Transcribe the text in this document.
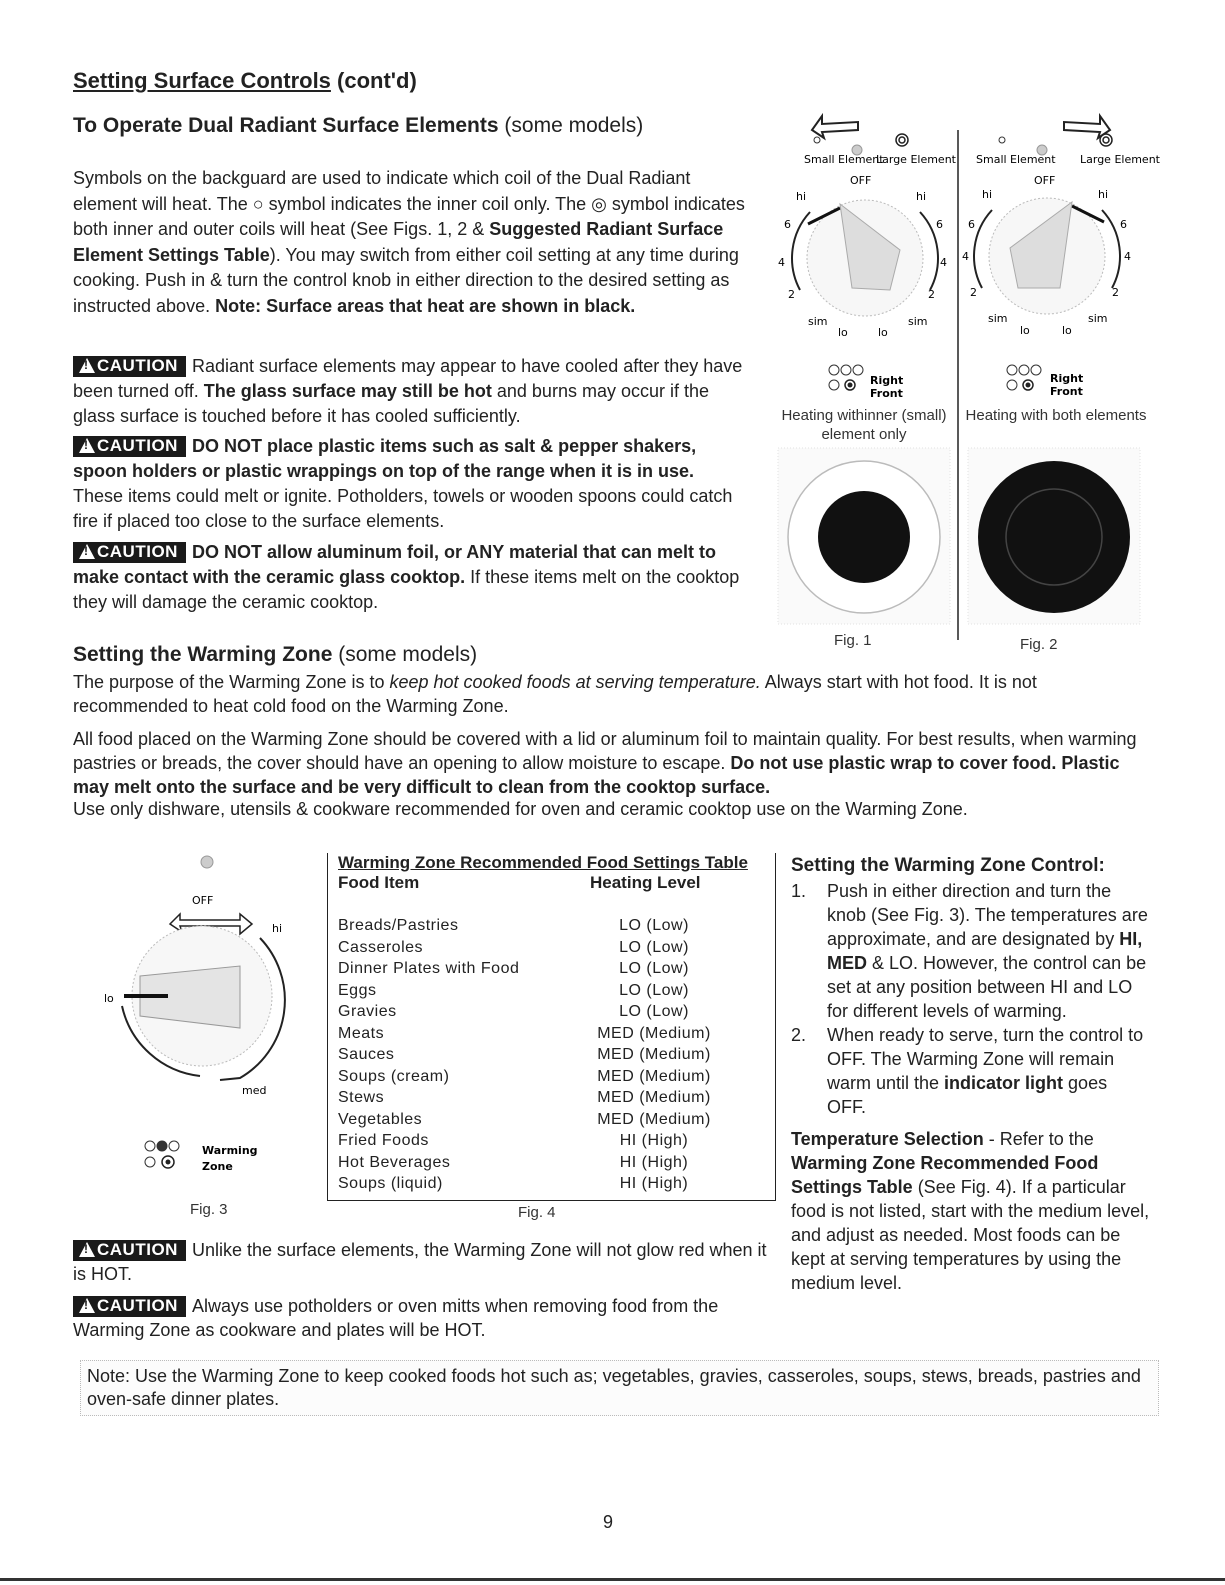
Setting Surface Controls (cont'd)
To Operate Dual Radiant Surface Elements (some models)

Symbols on the backguard are used to indicate which coil of the Dual Radiant element will heat. The ○ symbol indicates the inner coil only. The ◎ symbol indicates both inner and outer coils will heat (See Figs. 1, 2 & Suggested Radiant Surface Element Settings Table). You may switch from either coil setting at any time during cooking. Push in & turn the control knob in either direction to the desired setting as instructed above. Note: Surface areas that heat are shown in black.

!CAUTION Radiant surface elements may appear to have cooled after they have been turned off. The glass surface may still be hot and burns may occur if the glass surface is touched before it has cooled sufficiently.

!CAUTION DO NOT place plastic items such as salt & pepper shakers, spoon holders or plastic wrappings on top of the range when it is in use. These items could melt or ignite. Potholders, towels or wooden spoons could catch fire if placed too close to the surface elements.

!CAUTION DO NOT allow aluminum foil, or ANY material that can melt to make contact with the ceramic glass cooktop. If these items melt on the cooktop they will damage the ceramic cooktop.

Small Element
Large Element
OFF
hi	hi
6	6
4	4
2	2
sim	sim
lo	lo
Right
Front
Small Element Large Element
OFF
hi	hi
6	6
4	4
2	2
sim	sim
lo	lo
Right
Front
Heating withinner (small) element only
Heating with both elements
Fig. 1	Fig. 2
Setting the Warming Zone (some models)

The purpose of the Warming Zone is to keep hot cooked foods at serving temperature. Always start with hot food. It is not recommended to heat cold food on the Warming Zone.

All food placed on the Warming Zone should be covered with a lid or aluminum foil to maintain quality. For best results, when warming pastries or breads, the cover should have an opening to allow moisture to escape. Do not use plastic wrap to cover food. Plastic may melt onto the surface and be very difficult to clean from the cooktop surface.

Use only dishware, utensils & cookware recommended for oven and ceramic cooktop use on the Warming Zone.

OFF
hi
lo
med
Warming
Zone
Fig. 3
Warming Zone Recommended Food Settings Table
Food Item	Heating Level
Breads/Pastries	LO (Low)
Casseroles	LO (Low)
Dinner Plates with Food	LO (Low)
Eggs	LO (Low)
Gravies	LO (Low)
Meats	MED (Medium)
Sauces	MED (Medium)
Soups (cream)	MED (Medium)
Stews	MED (Medium)
Vegetables	MED (Medium)
Fried Foods	HI (High)
Hot Beverages	HI (High)
Soups (liquid)	HI (High)
Fig. 4
Setting the Warming Zone Control:
1.	Push in either direction and turn the knob (See Fig. 3). The temperatures are approximate, and are designated by HI, MED & LO. However, the control can be set at any position between HI and LO for different levels of warming.
2.	When ready to serve, turn the control to OFF. The Warming Zone will remain warm until the indicator light goes OFF.
Temperature Selection - Refer to the Warming Zone Recommended Food Settings Table (See Fig. 4). If a particular food is not listed, start with the medium level, and adjust as needed. Most foods can be kept at serving temperatures by using the medium level.

!CAUTION Unlike the surface elements, the Warming Zone will not glow red when it is HOT.

!CAUTION Always use potholders or oven mitts when removing food from the Warming Zone as cookware and plates will be HOT.

Note: Use the Warming Zone to keep cooked foods hot such as; vegetables, gravies, casseroles, soups, stews, breads, pastries and oven-safe dinner plates.

9
